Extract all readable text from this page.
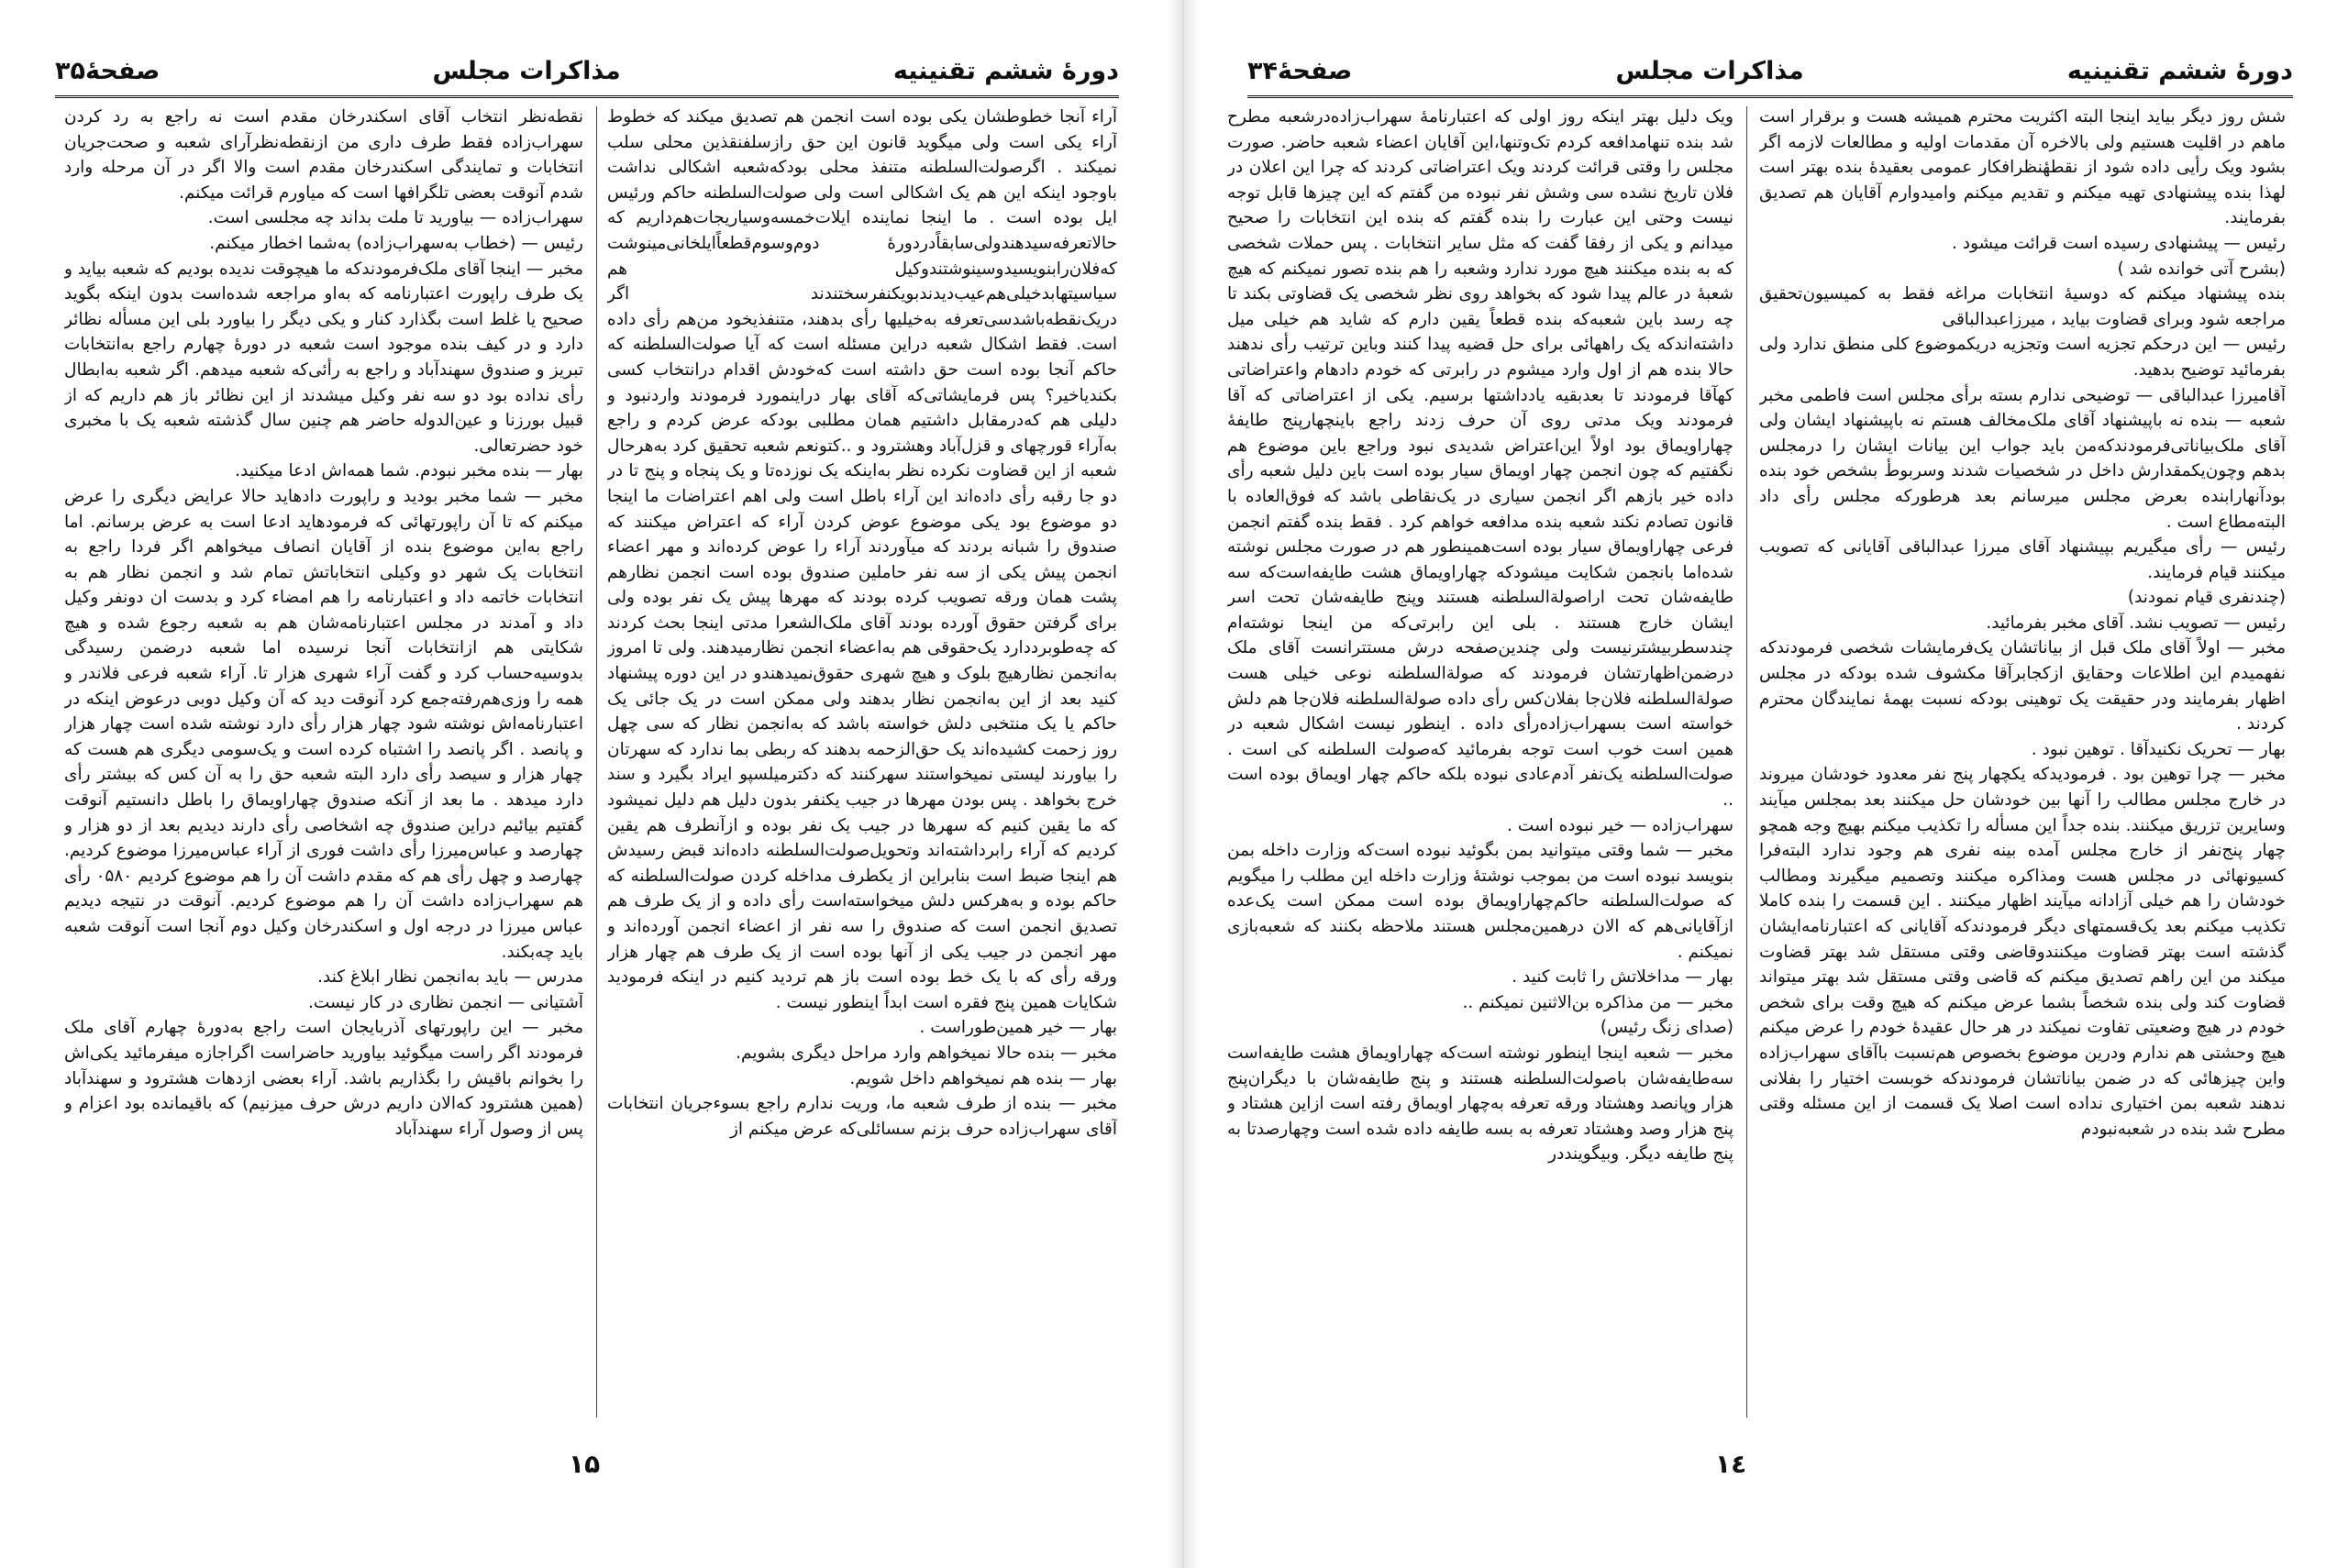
دورهٔ ششم تقنینیه
مذاکرات مجلس
صفحهٔ۳۵

آراء آنجا خطوطشان یکی بوده است انجمن هم تصدیق میکند که خطوط آراء یکی است ولی میگوید قانون این حق رازسلفنقذین محلی سلب نمیکند . اگرصولت‌السلطنه متنفذ محلی بودکه‌شعبه اشکالی نداشت باوجود اینکه این هم یک اشکالی است ولی صولت‌السلطنه حاکم ورئیس ایل بوده است . ما اینجا نماینده ایلات‌خمسه‌وسیاریجات‌هم‌داریم که حالا‌تعرفه‌سید‌هندولی‌سابقاًدردورهٔ دوم‌وسوم‌قطعاًایلخانی‌مینوشت که‌فلان‌رابنویسیدوسینوشتند‌وکیل هم سیاسیتها‌بدخیلی‌هم‌عیب‌دیدندبویکنفرسختندند اگر در‌یک‌نقطه‌باشدسی‌تعرفه به‌خیلیها رأی بدهند، متنفذیخود من‌هم رأی داده است. فقط اشکال شعبه دراین مسئله است که آیا صولت‌السلطنه که حاکم آنجا بوده است حق داشته است که‌خودش اقدام درانتخاب کسی بکندیاخیر؟ پس فرمایشاتی‌که آقای بهار دراینمورد فرمودند واردنبود و دلیلی هم که‌درمقابل داشتیم همان مطلبی بود‌که عرض کردم و راجع به‌آراء قورچهای و قزل‌آباد وهشترود و ..کتونعم شعبه تحقیق کرد به‌هرحال شعبه از این قضاوت نکرده نظر به‌اینکه یک نوزده‌تا و یک پنجاه و پنج تا در دو جا رقبه رأی داده‌اند این آراء باطل است ولی اهم اعتراضات ما اینجا دو موضوع بود یکی موضوع عوض کردن آراء که اعتراض میکنند که صندوق را شبانه بردند که میآوردند آراء را عوض کرده‌اند و مهر اعضاء انجمن پیش یکی از سه نفر حاملین صندوق بوده است انجمن نظارهم پشت همان ورقه تصویب کرده بودند که مهرها پیش یک نفر بوده ولی برای گرفتن حقوق آورده بودند آقای ملک‌الشعرا مدتی اینجا بحث کردند که چه‌طوبرددارد یک‌حقوقی هم به‌اعضاء انجمن نظار‌میدهند. ولی تا امروز به‌انجمن نظارهیچ بلوک و هیچ شهری حقوق‌نمیدهند‌و در این دوره پیشنهاد کنید بعد از این به‌انجمن نظار بدهند ولی ممکن است در یک جائی یک حاکم یا یک منتخبی دلش خواسته باشد که به‌انجمن نظار که سی چهل روز زحمت کشیده‌اند یک حق‌الزحمه بدهند که ربطی بما ندارد که سهرتان را بیاورند لیستی نمیخواستند سهرکنند که دکترمیلسپو ایراد بگیرد و سند خرج بخواهد . پس بودن مهرها در جیب یکنفر بدون دلیل هم دلیل نمیشود که ما یقین کنیم که سهرها در جیب یک نفر بوده و ازآنطرف هم یقین کردیم که آراء رابرداشته‌اند وتحویل‌صولت‌السلطنه داده‌اند قبض رسیدش هم اینجا ضبط است بنابراین از یکطرف مداخله کردن صولت‌السلطنه که حاکم بوده و به‌هرکس دلش میخواسته‌است رأی داده و از یک طرف هم تصدیق انجمن است که صندوق را سه نفر از اعضاء انجمن آورده‌اند و مهر انجمن در جیب یکی از آنها بوده است از یک طرف هم چهار هزار ورقه رأی که با یک خط بوده است باز هم تردید کنیم در اینکه فرمودید شکایات همین پنج فقره است ابداً اینطور نیست .

بهار — خیر همین‌طوراست .

مخبر — بنده حالا نمیخواهم وارد مراحل دیگری بشویم.

بهار — بنده هم نمیخواهم داخل شویم.

مخبر — بنده از طرف شعبه ما، وریت ندارم راجع بسوءجریان انتخابات آقای سهراب‌زاده حرف بزنم سسائلی‌که عرض میکنم از

نقطه‌نظر انتخاب آقای اسکندرخان مقدم است نه راجع به رد کردن سهراب‌زاده فقط طرف داری من ازنقطه‌نظرآرای شعبه و صحت‌جریان انتخابات و تمایندگی اسکندرخان مقدم است والا اگر در آن مرحله وارد شدم آنوقت بعضی تلگرافها است که میاورم قرائت میکنم.

سهراب‌زاده — بیاورید تا ملت بداند چه مجلسی است.

رئیس — (خطاب به‌سهراب‌زاده) به‌شما اخطار میکنم.

مخبر — اینجا آقای ملک‌فرمودندکه ما هیچوقت ندیده بودیم که شعبه بیاید و یک طرف راپورت اعتبارنامه که به‌او مراجعه شده‌است بدون اینکه بگوید صحیح یا غلط است بگذارد کنار و یکی دیگر را بیاورد بلی این مسأله نظائر دارد و در کیف بنده موجود است شعبه در دورهٔ چهارم راجع به‌انتخابات تبریز و صندوق سهندآباد و راجع به رأئی‌که شعبه میدهم. اگر شعبه به‌ابطال رأی نداده بود دو سه نفر وکیل میشدند از این نظائر باز هم داریم که از قبیل بورزنا و عین‌الدوله حاضر هم چنین سال گذشته شعبه یک با مخبری خود حضرتعالی.

بهار — بنده مخبر نبودم. شما همه‌اش ادعا میکنید.

مخبر — شما مخبر بودید و راپورت دادهاید حالا عرایض دیگری را عرض میکنم که تا آن راپورتهائی که فرمودهاید ادعا است به عرض برسانم. اما راجع به‌این موضوع بنده از آقایان انصاف میخواهم اگر فردا راجع به انتخابات یک شهر دو وکیلی انتخاباتش تمام شد و انجمن نظار هم به انتخابات خاتمه داد و اعتبارنامه را هم امضاء کرد و بدست ان دونفر وکیل داد و آمدند در مجلس اعتبارنامه‌شان هم به شعبه رجوع شده و هیچ شکایتی هم ازانتخابات آنجا نرسیده اما شعبه درضمن رسیدگی بدوسیه‌حساب کرد و گفت آراء شهری هزار تا. آراء شعبه فرعی فلاندر و همه را وزی‌هم‌رفته‌جمع کرد آنوقت دید که آن وکیل دوبی درعوض اینکه در اعتبارنامه‌اش نوشته شود چهار هزار رأی دارد نوشته شده است چهار هزار و پانصد . اگر پانصد را اشتباه کرده است و یک‌سومی دیگری هم هست که چهار هزار و سیصد رأی دارد البته شعبه حق را به آن کس که بیشتر رأی دارد میدهد . ما بعد از آنکه صندوق چهاراویماق را باطل دانستیم آنوقت گفتیم بیائیم دراین صندوق چه اشخاصی رأی دارند دیدیم بعد از دو هزار و چهارصد و عباس‌میرزا رأی داشت فوری از آراء عباس‌میرزا موضوع کردیم. چهارصد و چهل رأی هم که مقدم داشت آن را هم موضوع کردیم ۰۵۸۰ رأی هم سهراب‌زاده داشت آن را هم موضوع کردیم. آنوقت در نتیجه دیدیم عباس میرزا در درجه اول و اسکندرخان وکیل دوم آنجا است آنوقت شعبه باید چه‌بکند.

مدرس — باید به‌انجمن نظار ابلاغ کند.

آشتیانی — انجمن نظاری در کار نیست.

مخبر — این راپورتهای آذربایجان است راجع به‌دورهٔ چهارم آقای ملک فرمودند اگر راست میگوئید بیاورید حاضراست اگراجازه میفرمائید یکی‌اش را بخوانم باقیش را بگذاریم باشد. آراء بعضی ازدهات هشترود و سهندآباد (همین هشترود که‌الان داریم درش حرف میزنیم) که باقیمانده بود اعزام و پس از وصول آراء سهندآباد

۱۵
دورهٔ ششم تقنینیه
مذاکرات مجلس
صفحهٔ۳۴

شش روز دیگر بیاید اینجا البته اکثریت محترم همیشه هست و برقرار است ماهم در اقلیت هستیم ولی بالاخره آن مقدمات اولیه و مطالعات لازمه اگر بشود ویک رأیی داده شود از نقطهٔنظرافکار عمومی بعقیدهٔ بنده بهتر است لهذا بنده پیشنهادی تهیه میکنم و تقدیم میکنم وامیدوارم آقایان هم تصدیق بفرمایند.

رئیس — پیشنهادی رسیده است قرائت میشود .

(بشرح آتی خوانده شد )

بنده پیشنهاد میکنم که دوسیهٔ انتخابات مراغه فقط به کمیسیون‌تحقیق مراجعه شود وبرای قضاوت بیاید ، میرزاعبدالباقی

رئیس — این درحکم تجزیه است وتجزیه دریکموضوع کلی منطق ندارد ولی بفرمائید توضیح بدهید.

آقامیرزا عبدالباقی — توضیحی ندارم بسته برأی مجلس است فاطمی مخبر شعبه — بنده نه باپیشنهاد آقای ملک‌مخالف هستم نه باپیشنهاد ایشان ولی آقای ملک‌بیاناتی‌فرمودندکه‌من باید جواب این بیانات ایشان را درمجلس بدهم وچون‌یکمقدارش داخل در شخصیات شدند وسربوطٔ بشخص خود بنده بودآنهارابنده بعرض مجلس میرسانم بعد هرطورکه مجلس رأی داد البته‌مطاع است .

رئیس — رأی میگیریم بپیشنهاد آقای میرزا عبدالباقی آقایانی که تصویب میکنند قیام فرمایند.

(چندنفری قیام نمودند)

رئیس — تصویب نشد. آقای مخبر بفرمائید.

مخبر — اولاً آقای ملک قبل از بیاناتشان یک‌فرمایشات شخصی فرمودندکه نفهمیدم این اطلاعات وحقایق از‌کجابرآقا مکشوف شده بودکه در مجلس اظهار بفرمایند ودر حقیقت یک توهینی بودکه نسبت بهمهٔ نمایندگان محترم کردند .

بهار — تحریک نکنیدآقا . توهین نبود .

مخبر — چرا توهین بود . فرمودیدکه یکچهار پنج نفر معدود خودشان میروند در خارج مجلس مطالب را آنها بین خودشان حل میکنند بعد بمجلس میآیند وسایرین تزریق میکنند. بنده جداً این مسأله را تکذیب میکنم بهیچ وجه همچو چهار پنج‌نفر از خارج مجلس آمده بینه نفری هم وجود ندارد البته‌فرا کسیونهائی در مجلس هست ومذاکره میکنند وتصمیم میگیرند ومطالب خودشان را هم خیلی آزادانه میآیند اظهار میکنند . این قسمت را بنده کاملا تکذیب میکنم بعد یک‌قسمتهای دیگر فرمودند‌که آقایانی که اعتبارنامه‌ایشان گذشته است بهتر قضاوت میکنندوقاضی وقتی مستقل شد بهتر قضاوت میکند من این راهم تصدیق میکنم که قاضی وقتی مستقل شد بهتر میتواند قضاوت کند ولی بنده شخصاً بشما عرض میکنم که هیچ وقت برای شخص خودم در هیچ وضعیتی تفاوت نمیکند در هر حال عقیدهٔ خودم را عرض میکنم هیچ وحشتی هم ندارم ودرین موضوع بخصوص هم‌نسبت باآقای سهراب‌زاده واین چیزهائی که در ضمن بیاناتشان فرمودند‌که خوبست اختیار را بفلانی ندهند شعبه بمن اختیاری نداده است اصلا یک قسمت از این مسئله وقتی مطرح شد بنده در شعبه‌نبودم

ویک دلیل بهتر اینکه روز اولی که اعتبارنامهٔ سهراب‌زاده‌درشعبه مطرح شد بنده تنهامدافعه کردم تک‌وتنها،این آقایان اعضاء شعبه حاضر. صورت مجلس را وقتی قرائت کردند ویک اعتراضاتی کردند که چرا این اعلان در فلان تاریخ نشده سی وشش نفر نبوده من گفتم که این چیزها قابل توجه نیست وحتی این عبارت را بنده گفتم که بنده این انتخابات را صحیح میدانم و یکی از رفقا گفت که مثل سایر انتخابات . پس حملات شخصی که به بنده میکنند هیچ مورد ندارد وشعبه را هم بنده تصور نمیکنم که هیچ شعبهٔ در عالم پیدا شود که بخواهد روی نظر شخصی یک قضاوتی بکند تا چه رسد باین شعبه‌که بنده قطعاً یقین دارم که شاید هم خیلی میل داشته‌اندکه یک راههائی برای حل قضیه پیدا کنند وباین ترتیب رأی ندهند حالا بنده هم از اول وارد میشوم در رابرتی که خودم دادهام واعتراضاتی کهآقا فرمودند تا بعدبقیه یادداشتها برسیم. یکی از اعتراضاتی که آقا فرمودند ویک مدتی روی آن حرف زدند راجع باینچهارپنج طایفهٔ چهاراویماق بود اولاً این‌اعتراض شدیدی نبود وراجع باین موضوع هم نگفتیم که چون انجمن چهار اویماق سیار بوده است باین دلیل شعبه رأی داده خیر بازهم اگر انجمن سیاری در یک‌نقاطی باشد که فوق‌العاده با قانون تصادم نکند شعبه بنده مدافعه خواهم کرد . فقط بنده گفتم انجمن فرعی چهاراویماق سیار بوده است‌همینطور هم در صورت مجلس نوشته شده‌اما بانجمن شکایت میشودکه چهاراویماق هشت طایفه‌است‌که سه طایفه‌شان تحت اراصولةالسلطنه هستند وپنج طایفه‌شان تحت اسر ایشان خارج هستند . بلی این رابرتی‌که من اینجا نوشته‌ام چندسطربیشترنیست ولی چندین‌صفحه درش مستترانست آقای ملک درضمن‌اظهارتشان فرمودند که صولةالسلطنه نوعی خیلی هست صولةالسلطنه فلان‌جا بفلان‌کس رأی داده صولةالسلطنه فلان‌جا هم دلش خواسته است بسهراب‌زاده‌رأی داده . اینطور نیست اشکال شعبه در همین است خوب است توجه بفرمائید که‌صولت السلطنه کی است . صولت‌السلطنه یک‌نفر آدم‌عادی نبوده بلکه حاکم چهار اویماق بوده است ..

سهراب‌زاده — خیر نبوده است .

مخبر — شما وقتی میتوانید بمن بگوئید نبوده است‌که وزارت داخله بمن بنویسد نبوده است من بموجب نوشتهٔ وزارت داخله این مطلب را میگویم که صولت‌السلطنه حاکم‌چهاراویماق بوده است ممکن است یک‌عده ازآقایانی‌هم که الان درهمین‌مجلس هستند ملاحظه بکنند که شعبه‌بازی نمیکنم .

بهار — مداخلاتش را ثابت کنید .

مخبر — من مذاکره بن‌الاثنین نمیکنم ..

(صدای زنگ رئیس)

مخبر — شعبه اینجا اینطور نوشته است‌که چهاراویماق هشت طایفه‌است سه‌طایفه‌شان باصولت‌السلطنه هستند و پنج طایفه‌شان با دیگران‌پنج هزار وپانصد وهشتاد ورقه تعرفه به‌چهار اویماق رفته است ازاین هشتاد و پنج هزار وصد وهشتاد تعرفه به بسه طایفه داده شده است وچهارصدتا به پنج طایفه دیگر. وبیگویند‌در

۱٤
